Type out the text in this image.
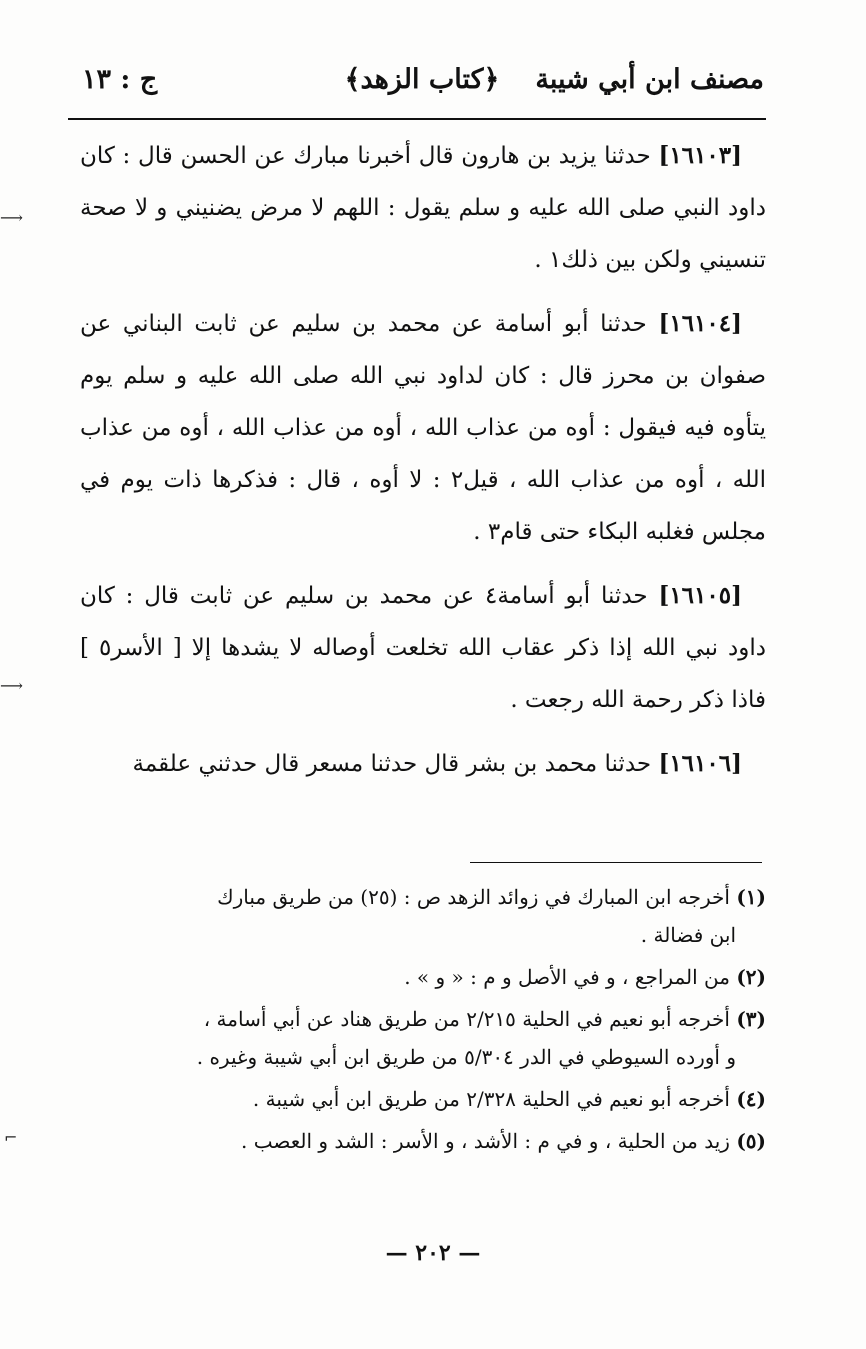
⟶
⟶
⌐
مصنف ابن أبي شيبة
﴿كتاب الزهد﴾
ج : ١٣

[١٦١٠٣] حدثنا يزيد بن هارون قال أخبرنا مبارك عن الحسن قال : كان داود النبي صلى الله عليه و سلم يقول : اللهم لا مرض يضنيني و لا صحة تنسيني ولكن بين ذلك١ .

[١٦١٠٤] حدثنا أبو أسامة عن محمد بن سليم عن ثابت البناني عن صفوان بن محرز قال : كان لداود نبي الله صلى الله عليه و سلم يوم يتأوه فيه فيقول : أوه من عذاب الله ، أوه من عذاب الله ، أوه من عذاب الله ، أوه من عذاب الله ، قيل٢ : لا أوه ، قال : فذكرها ذات يوم في مجلس فغلبه البكاء حتى قام٣ .

[١٦١٠٥] حدثنا أبو أسامة٤ عن محمد بن سليم عن ثابت قال : كان داود نبي الله إذا ذكر عقاب الله تخلعت أوصاله لا يشدها إلا [ الأسر٥ ] فاذا ذكر رحمة الله رجعت .

[١٦١٠٦] حدثنا محمد بن بشر قال حدثنا مسعر قال حدثني علقمة

(١) أخرجه ابن المبارك في زوائد الزهد ص : (٢٥) من طريق مبارك
ابن فضالة .
(٢) من المراجع ، و في الأصل و م : « و » .
(٣) أخرجه أبو نعيم في الحلية ٢/٢١٥ من طريق هناد عن أبي أسامة ،
و أورده السيوطي في الدر ٥/٣٠٤ من طريق ابن أبي شيبة وغيره .
(٤) أخرجه أبو نعيم في الحلية ٢/٣٢٨ من طريق ابن أبي شيبة .
(٥) زيد من الحلية ، و في م : الأشد ، و الأسر : الشد و العصب .
— ٢٠٢ —
